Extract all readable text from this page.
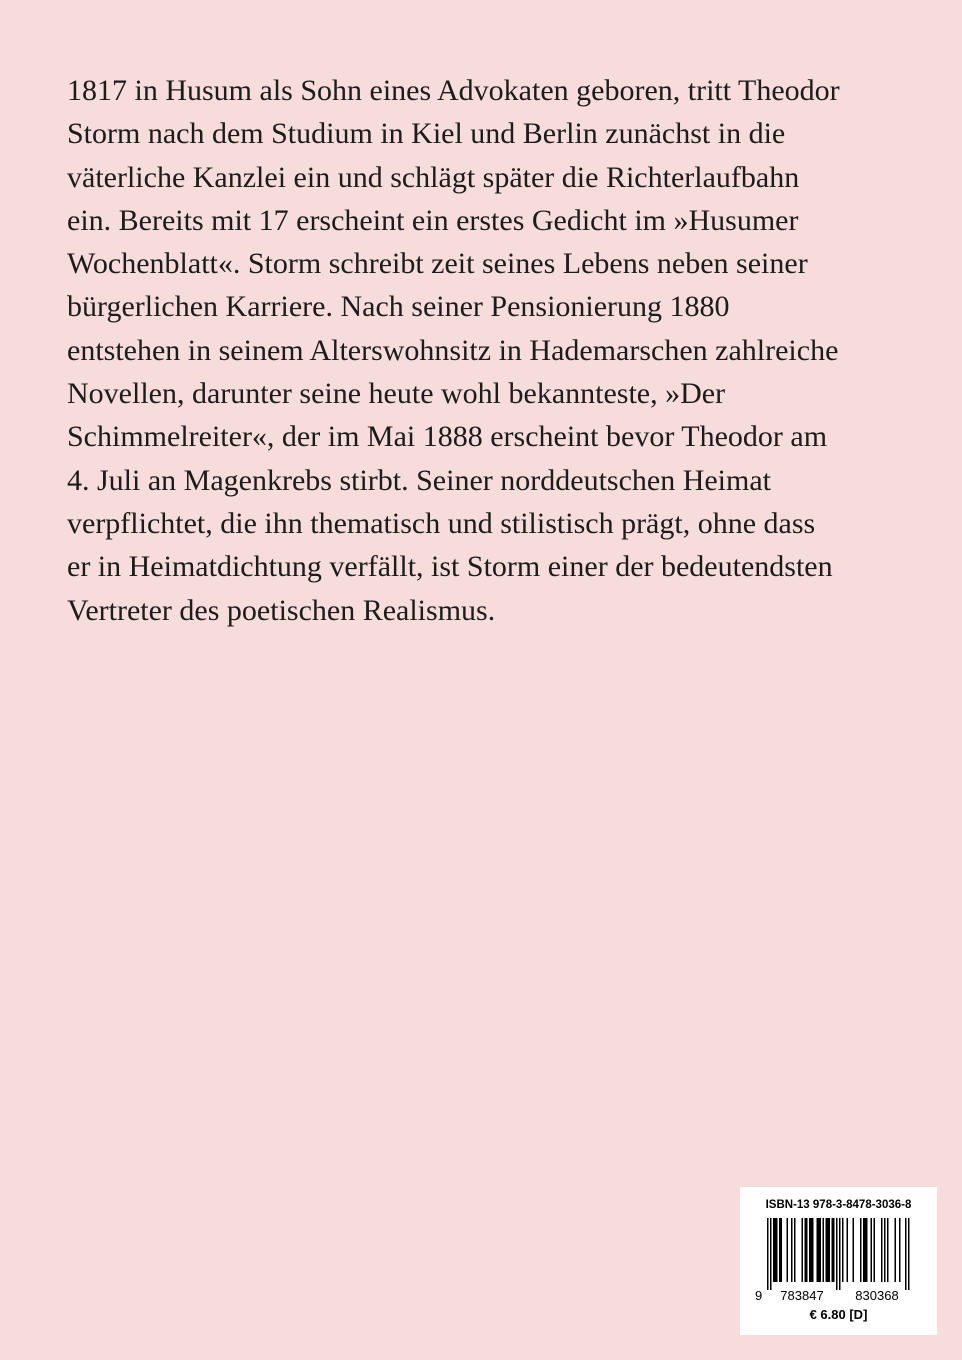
1817 in Husum als Sohn eines Advokaten geboren, tritt Theodor
Storm nach dem Studium in Kiel und Berlin zunächst in die
väterliche Kanzlei ein und schlägt später die Richterlaufbahn
ein. Bereits mit 17 erscheint ein erstes Gedicht im »Husumer
Wochenblatt«. Storm schreibt zeit seines Lebens neben seiner
bürgerlichen Karriere. Nach seiner Pensionierung 1880
entstehen in seinem Alterswohnsitz in Hademarschen zahlreiche
Novellen, darunter seine heute wohl bekannteste, »Der
Schimmelreiter«, der im Mai 1888 erscheint bevor Theodor am
4. Juli an Magenkrebs stirbt. Seiner norddeutschen Heimat
verpflichtet, die ihn thematisch und stilistisch prägt, ohne dass
er in Heimatdichtung verfällt, ist Storm einer der bedeutendsten
Vertreter des poetischen Realismus.
ISBN-13 978-3-8478-3036-8
9 783847 830368
€ 6.80 [D]
